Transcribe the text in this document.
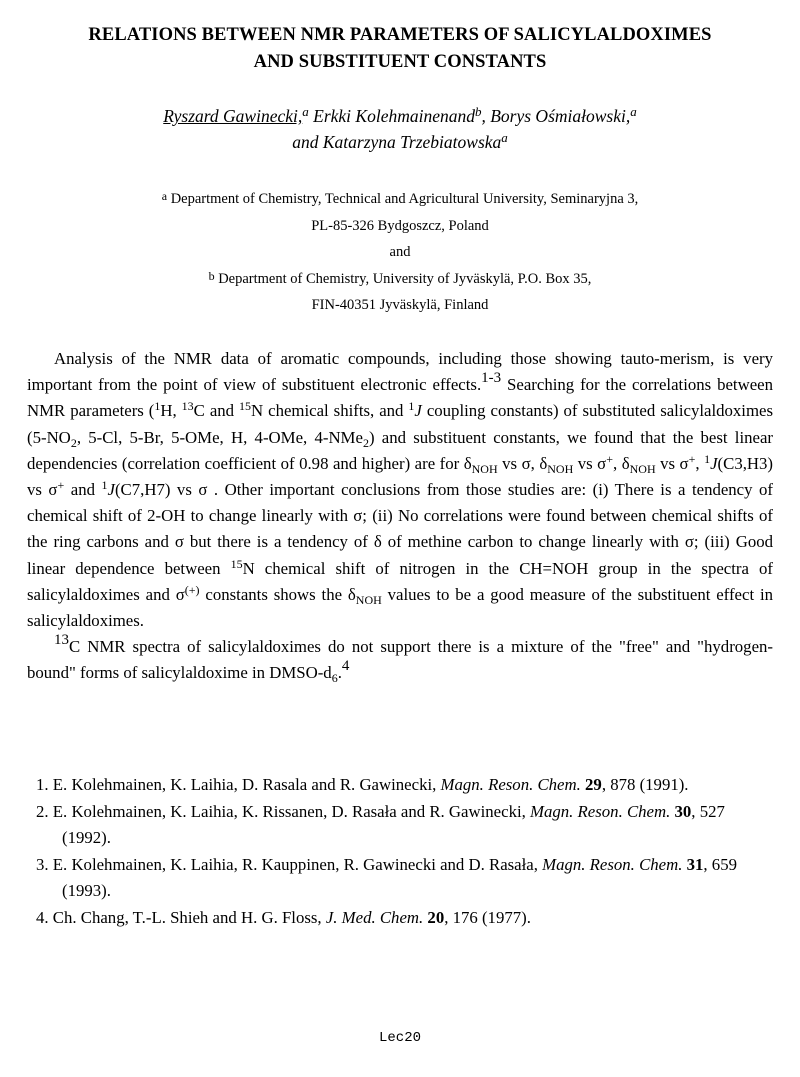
RELATIONS BETWEEN NMR PARAMETERS OF SALICYLALDOXIMES
AND SUBSTITUENT CONSTANTS
Ryszard Gawinecki,$^a$ Erkki Kolehmainenand$^b$, Borys Ośmiałowski,$^a$
and Katarzyna Trzebiatowska$^a$
$^a$ Department of Chemistry, Technical and Agricultural University, Seminaryjna 3,
PL-85-326 Bydgoszcz, Poland
and
$^b$ Department of Chemistry, University of Jyväskylä, P.O. Box 35,
FIN-40351 Jyväskylä, Finland

Analysis of the NMR data of aromatic compounds, including those showing tauto-merism, is very important from the point of view of substituent electronic effects.$^{1-3}$ Searching for the correlations between NMR parameters ($^1$H, $^{13}$C and $^{15}$N chemical shifts, and $^1$J coupling constants) of substituted salicylaldoximes ($5-NO_2$, 5-Cl, 5-Br, 5-OMe, H, 4-OMe, 4-NMe$_2$) and substituent constants, we found that the best linear dependencies (correlation coefficient of 0.98 and higher) are for $\delta_{NOH}$ vs σ, $\delta_{NOH}$ vs σ+, $\delta_{NOH}$ vs σ+, $^1$J(C3,H3) vs σ+ and $^1$J(C7,H7) vs σ . Other important conclusions from those studies are: (i) There is a tendency of chemical shift of 2-OH to change linearly with σ; (ii) No correlations were found between chemical shifts of the ring carbons and σ but there is a tendency of δ of methine carbon to change linearly with σ; (iii) Good linear dependence between $^{15}$N chemical shift of nitrogen in the CH=NOH group in the spectra of salicylaldoximes and σ(+) constants shows the $\delta_{NOH}$ values to be a good measure of the substituent effect in salicylaldoximes.

$^{13}$C NMR spectra of salicylaldoximes do not support there is a mixture of the "free" and "hydrogen-bound" forms of salicylaldoxime in DMSO-$d_6.^4$

1. E. Kolehmainen, K. Laihia, D. Rasala and R. Gawinecki, Magn. Reson. Chem. 29, 878 (1991).
2. E. Kolehmainen, K. Laihia, K. Rissanen, D. Rasała and R. Gawinecki, Magn. Reson. Chem. 30, 527 (1992).
3. E. Kolehmainen, K. Laihia, R. Kauppinen, R. Gawinecki and D. Rasała, Magn. Reson. Chem. 31, 659 (1993).
4. Ch. Chang, T.-L. Shieh and H. G. Floss, J. Med. Chem. 20, 176 (1977).
Lec20
